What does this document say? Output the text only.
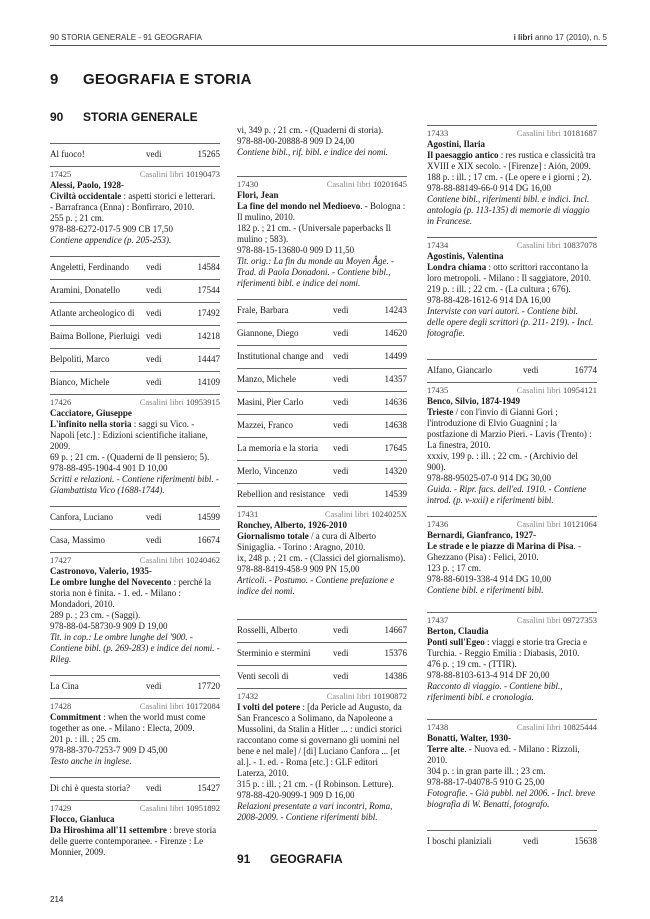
90 STORIA GENERALE - 91 GEOGRAFIA	i libri anno 17 (2010), n. 5
9 GEOGRAFIA E STORIA
90 STORIA GENERALE
Al fuoco!	vedi	15265
17425	Casalini libri 10190473

Alessi, Paolo, 1928-

Civiltà occidentale : aspetti storici e letterari. - Barrafranca (Enna) : Bonfirraro, 2010.

255 p. ; 21 cm.

978-88-6272-017-5 909 CB 17,50

Contiene appendice (p. 205-253).

Angeletti, Ferdinando vedi	14584
Aramini, Donatello	vedi	17544
Atlante archeologico di vedi	17492
Baima Bollone, Pierluigi vedi	14218
Belpoliti, Marco	vedi	14447
Bianco, Michele	vedi	14109
17426	Casalini libri 10953915

Cacciatore, Giuseppe

L'infinito nella storia : saggi su Vico. - Napoli [etc.] : Edizioni scientifiche italiane, 2009.

69 p. ; 21 cm. - (Quaderni de Il pensiero; 5).

978-88-495-1904-4 901 D 10,00

Scritti e relazioni. - Contiene riferimenti bibl. - Giambattista Vico (1688-1744).

Canfora, Luciano	vedi	14599
Casa, Massimo	vedi	16674
17427	Casalini libri 10240462

Castronovo, Valerio, 1935-

Le ombre lunghe del Novecento : perché la storia non è finita. - 1. ed. - Milano : Mondadori, 2010.

289 p. ; 23 cm. - (Saggi).

978-88-04-58730-9 909 D 19,00

Tit. in cop.: Le ombre lunghe del '900. - Contiene bibl. (p. 269-283) e indice dei nomi. - Rileg.

La Cina	vedi	17720
17428	Casalini libri 10172084

Commitment : when the world must come together as one. - Milano : Electa, 2009.

201 p. : ill. ; 25 cm.

978-88-370-7253-7 909 D 45,00

Testo anche in inglese.

Di chi è questa storia? vedi	15427
17429	Casalini libri 10951892

Flocco, Gianluca

Da Hiroshima all'11 settembre : breve storia delle guerre contemporanee. - Firenze : Le Monnier, 2009.

vi, 349 p. ; 21 cm. - (Quaderni di storia).

978-88-00-20888-8 909 D 24,00

Contiene bibl., rif. bibl. e indice dei nomi.

17430	Casalini libri 10201645

Flori, Jean

La fine del mondo nel Medioevo. - Bologna : Il mulino, 2010.

182 p. ; 21 cm. - (Universale paperbacks Il mulino ; 583).

978-88-15-13680-0 909 D 11,50

Tit. orig.: La fin du monde au Moyen Âge. - Trad. di Paola Donadoni. - Contiene bibl., riferimenti bibl. e indice dei nomi.

Frale, Barbara	vedi	14243
Giannone, Diego	vedi	14620
Institutional change and vedi	14499
Manzo, Michele	vedi	14357
Masini, Pier Carlo	vedi	14636
Mazzei, Franco	vedi	14638
La memoria e la storia vedi	17645
Merlo, Vincenzo	vedi	14320
Rebellion and resistance vedi	14539
17431	Casalini libri 1024025X

Ronchey, Alberto, 1926-2010

Giornalismo totale / a cura di Alberto Sinigaglia. - Torino : Aragno, 2010.

ix, 248 p. ; 21 cm. - (Classici del giornalismo).

978-88-8419-458-9 909 PN 15,00

Articoli. - Postumo. - Contiene prefazione e indice dei nomi.

Rosselli, Alberto	vedi	14667
Sterminio e stermini	vedi	15376
Venti secoli di	vedi	14386
17432	Casalini libri 10190872

I volti del potere : [da Pericle ad Augusto, da San Francesco a Solimano, da Napoleone a Mussolini, da Stalin a Hitler ... : undici storici raccontano come si governano gli uomini nel bene e nel male] / [di] Luciano Canfora ... [et al.]. - 1. ed. - Roma [etc.] : GLF editori Laterza, 2010.

315 p. : ill. ; 21 cm. - (I Robinson. Letture).

978-88-420-9099-1 909 D 16,00

Relazioni presentate a vari incontri, Roma, 2008-2009. - Contiene riferimenti bibl.

91 GEOGRAFIA
17433	Casalini libri 10181687

Agostini, Ilaria

Il paesaggio antico : res rustica e classicità tra XVIII e XIX secolo. - [Firenze] : Aión, 2009.

188 p. : ill. ; 17 cm. - (Le opere e i giorni ; 2).

978-88-88149-66-0 914 DG 16,00

Contiene bibl., riferimenti bibl. e indici. Incl. antologia (p. 113-135) di memorie di viaggio in Francese.

17434	Casalini libri 10837078

Agostinis, Valentina

Londra chiama : otto scrittori raccontano la loro metropoli. - Milano : Il saggiatore, 2010.

219 p. : ill. ; 22 cm. - (La cultura ; 676).

978-88-428-1612-6 914 DA 16,00

Interviste con vari autori. - Contiene bibl. delle opere degli scrittori (p. 211- 219). - Incl. fotografie.

Alfano, Giancarlo	vedi	16774
17435	Casalini libri 10954121

Benco, Silvio, 1874-1949

Trieste / con l'invio di Gianni Gori ; l'introduzione di Elvio Guagnini ; la postfazione di Marzio Pieri. - Lavis (Trento) : La finestra, 2010.

xxxiv, 199 p. : ill. ; 22 cm. - (Archivio del 900).

978-88-95025-07-0 914 DG 30,00

Guida. - Ripr. facs. dell'ed. 1910. - Contiene introd. (p. v-xxii) e riferimenti bibl.

17436	Casalini libri 10121064

Bernardi, Gianfranco, 1927-

Le strade e le piazze di Marina di Pisa. - Ghezzano (Pisa) : Felici, 2010.

123 p. ; 17 cm.

978-88-6019-338-4 914 DG 10,00

Contiene bibl. e riferimenti bibl.

17437	Casalini libri 09727353

Berton, Claudia

Ponti sull'Egeo : viaggi e storie tra Grecia e Turchia. - Reggio Emilia : Diabasis, 2010.

476 p. ; 19 cm. - (TTIR).

978-88-8103-613-4 914 DF 20,00

Racconto di viaggio. - Contiene bibl., riferimenti bibl. e cronologia.

17438	Casalini libri 10825444

Bonatti, Walter, 1930-

Terre alte. - Nuova ed. - Milano : Rizzoli, 2010.

304 p. : in gran parte ill. ; 23 cm.

978-88-17-04078-5 910 G 25,00

Fotografie. - Già pubbl. nel 2006. - Incl. breve biografia di W. Benatti, fotografo.

I boschi planiziali	vedi	15638
214
